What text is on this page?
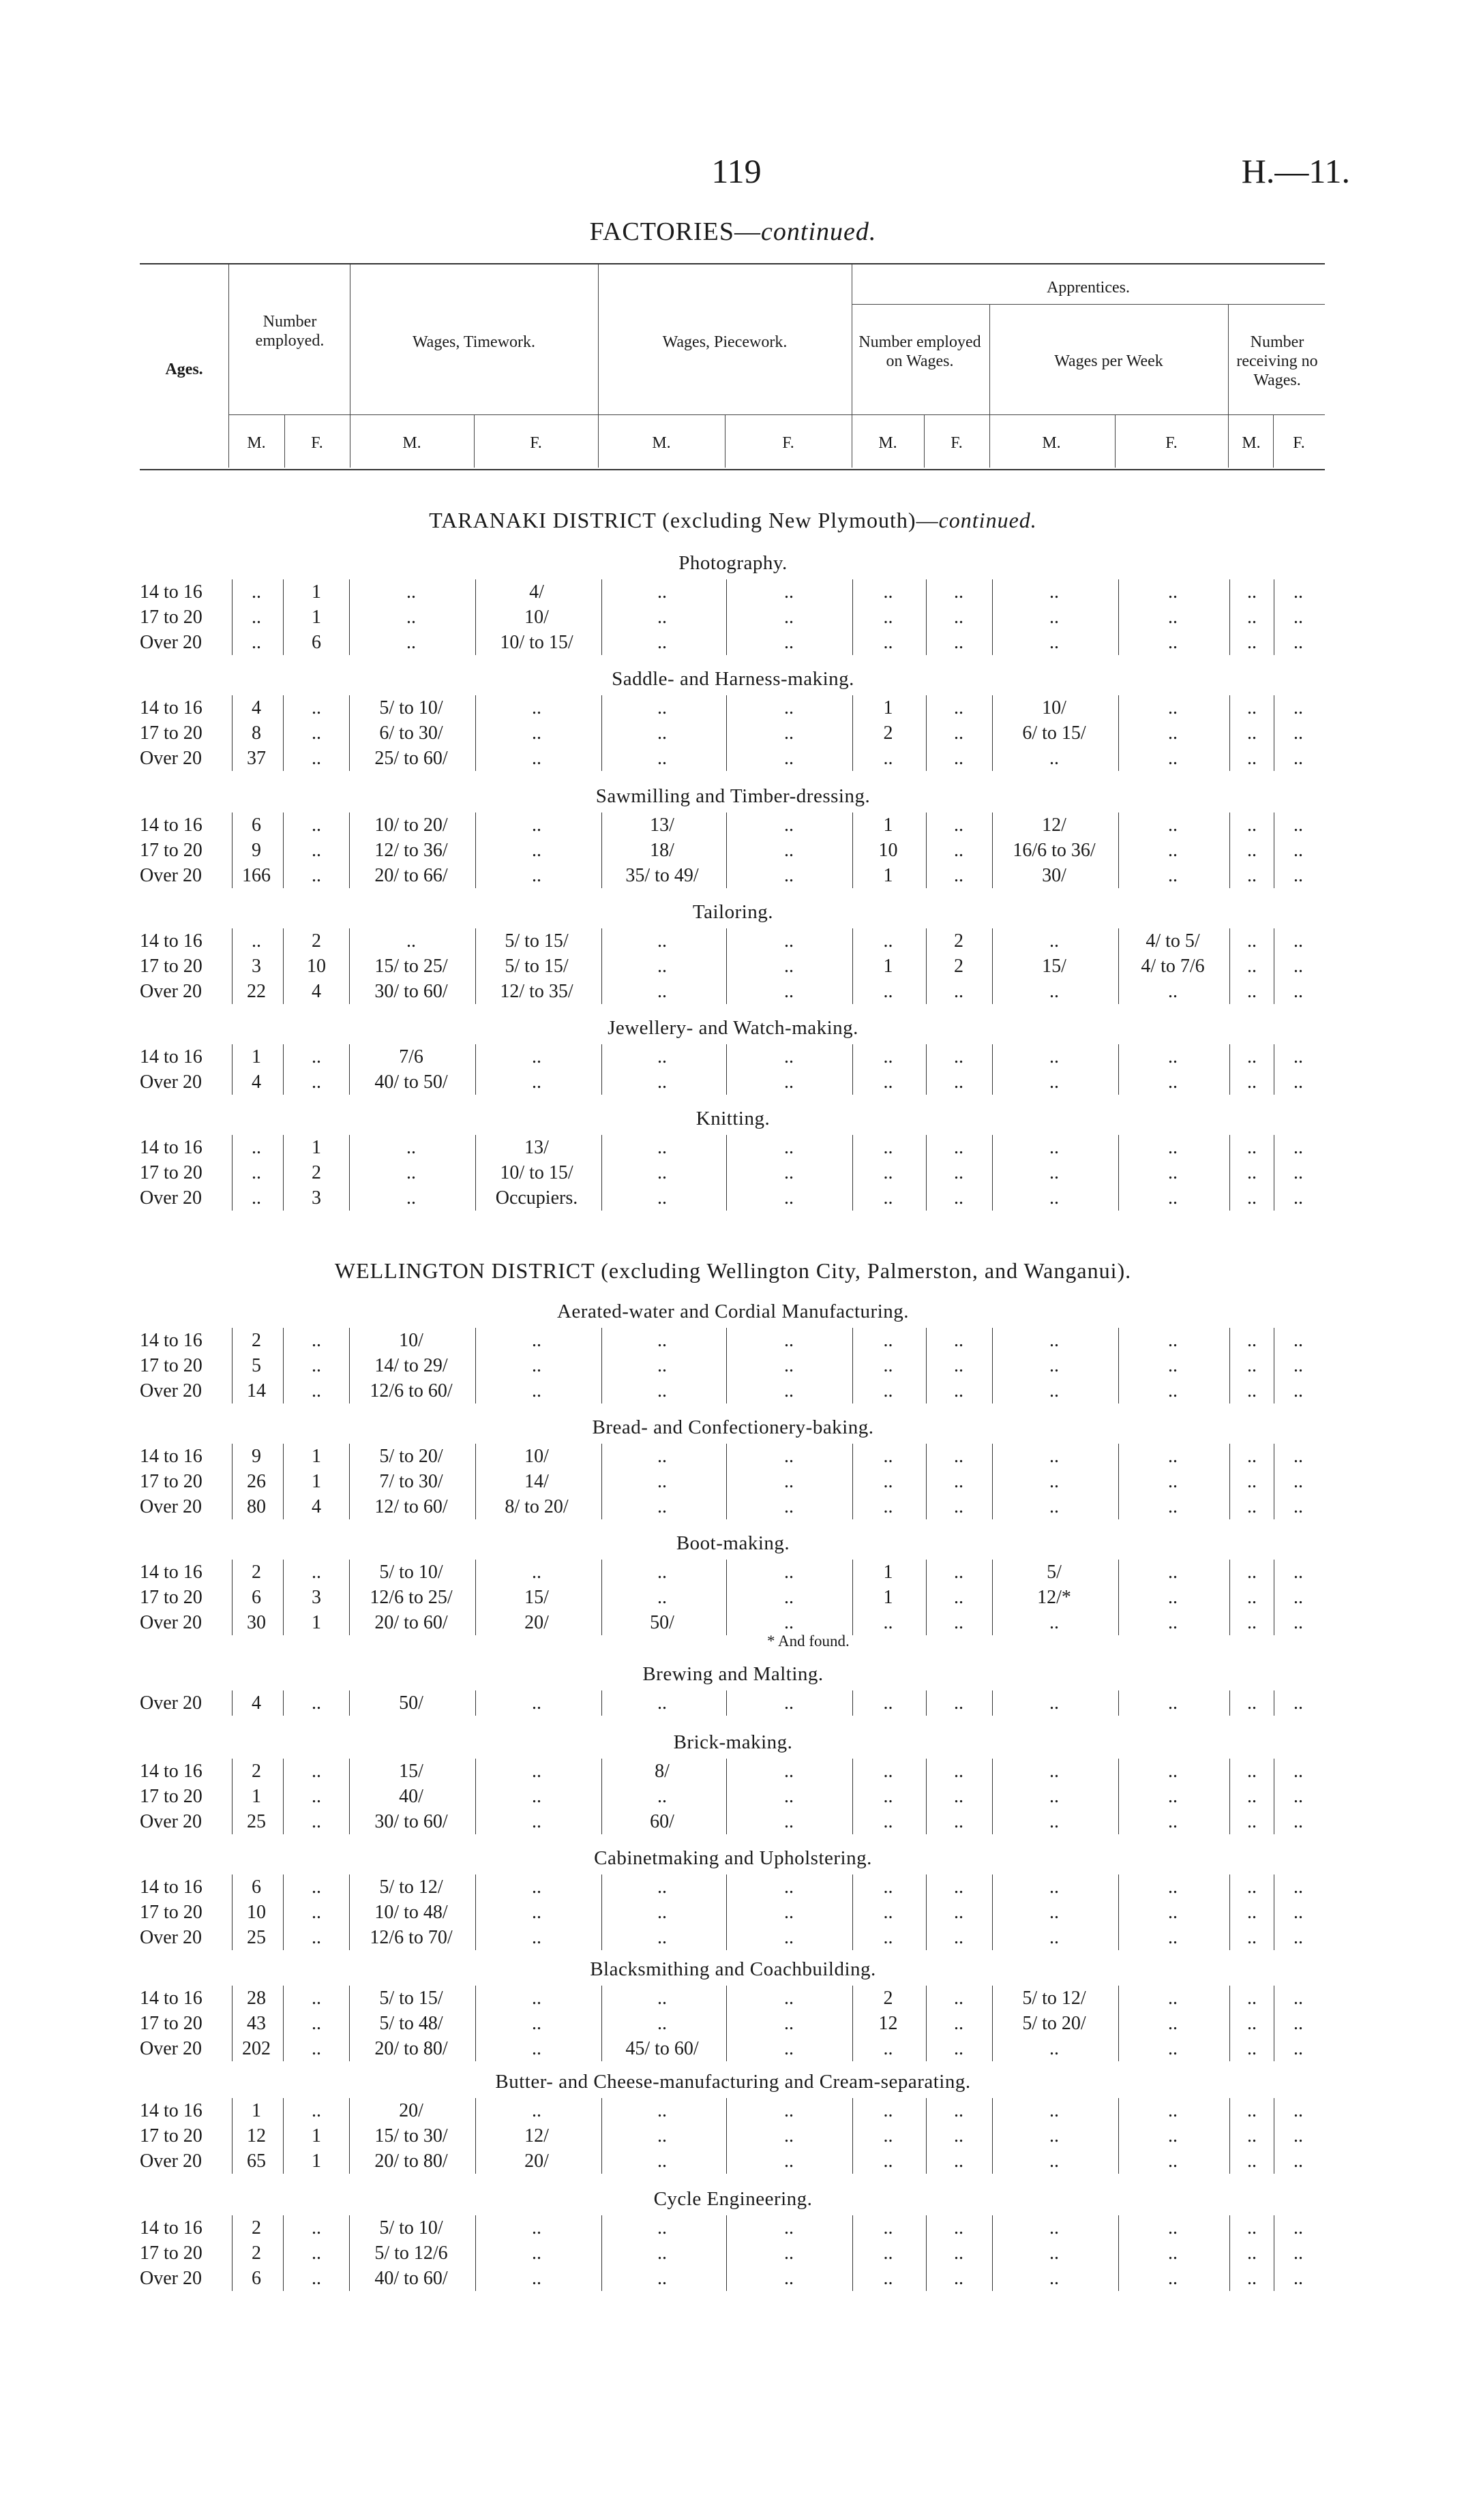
119	H.—11.
FACTORIES—continued.
Ages.
Number employed.	Wages, Timework.	Wages, Piecework.
Apprentices.
Number employed on Wages.	Wages per Week
Number receiving no Wages.
M.	F.	M.	F.	M.	F.	M.	F.	M.	F.	M.	F.
TARANAKI DISTRICT (excluding New Plymouth)—continued.
Photography.
14 to 16	..	1	..	4/	..	..	..	..	..	..	..	..
17 to 20	..	1	..	10/	..	..	..	..	..	..	..	..
Over 20	..	6	..	10/ to 15/	..	..	..	..	..	..	..	..
Saddle- and Harness-making.
14 to 16	4	..	5/ to 10/	..	..	..	1	..	10/	..	..	..
17 to 20	8	..	6/ to 30/	..	..	..	2	..	6/ to 15/	..	..	..
Over 20	37	..	25/ to 60/	..	..	..	..	..	..	..	..	..
Sawmilling and Timber-dressing.
14 to 16	6	..	10/ to 20/	..	13/	..	1	..	12/	..	..	..
17 to 20	9	..	12/ to 36/	..	18/	..	10	..	16/6 to 36/	..	..	..
Over 20	166	..	20/ to 66/	..	35/ to 49/	..	1	..	30/	..	..	..
Tailoring.
14 to 16	..	2	..	5/ to 15/	..	..	..	2	..	4/ to 5/	..	..
17 to 20	3	10	15/ to 25/	5/ to 15/	..	..	1	2	15/	4/ to 7/6	..	..
Over 20	22	4	30/ to 60/	12/ to 35/	..	..	..	..	..	..	..	..
Jewellery- and Watch-making.
14 to 16	1	..	7/6	..	..	..	..	..	..	..	..	..
Over 20	4	..	40/ to 50/	..	..	..	..	..	..	..	..	..
Knitting.
14 to 16	..	1	..	13/	..	..	..	..	..	..	..	..
17 to 20	..	2	..	10/ to 15/	..	..	..	..	..	..	..	..
Over 20	..	3	..	Occupiers.	..	..	..	..	..	..	..	..
WELLINGTON DISTRICT (excluding Wellington City, Palmerston, and Wanganui).
Aerated-water and Cordial Manufacturing.
14 to 16	2	..	10/	..	..	..	..	..	..	..	..	..
17 to 20	5	..	14/ to 29/	..	..	..	..	..	..	..	..	..
Over 20	14	..	12/6 to 60/	..	..	..	..	..	..	..	..	..
Bread- and Confectionery-baking.
14 to 16	9	1	5/ to 20/	10/	..	..	..	..	..	..	..	..
17 to 20	26	1	7/ to 30/	14/	..	..	..	..	..	..	..	..
Over 20	80	4	12/ to 60/	8/ to 20/	..	..	..	..	..	..	..	..
Boot-making.
14 to 16	2	..	5/ to 10/	..	..	..	1	..	5/	..	..	..
17 to 20	6	3	12/6 to 25/	15/	..	..	1	..	12/*	..	..	..
Over 20	30	1	20/ to 60/	20/	50/	..	..	..	..	..	..	..
* And found.
Brewing and Malting.
Over 20	4	..	50/	..	..	..	..	..	..	..	..	..
Brick-making.
14 to 16	2	..	15/	..	8/	..	..	..	..	..	..	..
17 to 20	1	..	40/	..	..	..	..	..	..	..	..	..
Over 20	25	..	30/ to 60/	..	60/	..	..	..	..	..	..	..
Cabinetmaking and Upholstering.
14 to 16	6	..	5/ to 12/	..	..	..	..	..	..	..	..	..
17 to 20	10	..	10/ to 48/	..	..	..	..	..	..	..	..	..
Over 20	25	..	12/6 to 70/	..	..	..	..	..	..	..	..	..
Blacksmithing and Coachbuilding.
14 to 16	28	..	5/ to 15/	..	..	..	2	..	5/ to 12/	..	..	..
17 to 20	43	..	5/ to 48/	..	..	..	12	..	5/ to 20/	..	..	..
Over 20	202	..	20/ to 80/	..	45/ to 60/	..	..	..	..	..	..	..
Butter- and Cheese-manufacturing and Cream-separating.
14 to 16	1	..	20/	..	..	..	..	..	..	..	..	..
17 to 20	12	1	15/ to 30/	12/	..	..	..	..	..	..	..	..
Over 20	65	1	20/ to 80/	20/	..	..	..	..	..	..	..	..
Cycle Engineering.
14 to 16	2	..	5/ to 10/	..	..	..	..	..	..	..	..	..
17 to 20	2	..	5/ to 12/6	..	..	..	..	..	..	..	..	..
Over 20	6	..	40/ to 60/	..	..	..	..	..	..	..	..	..
